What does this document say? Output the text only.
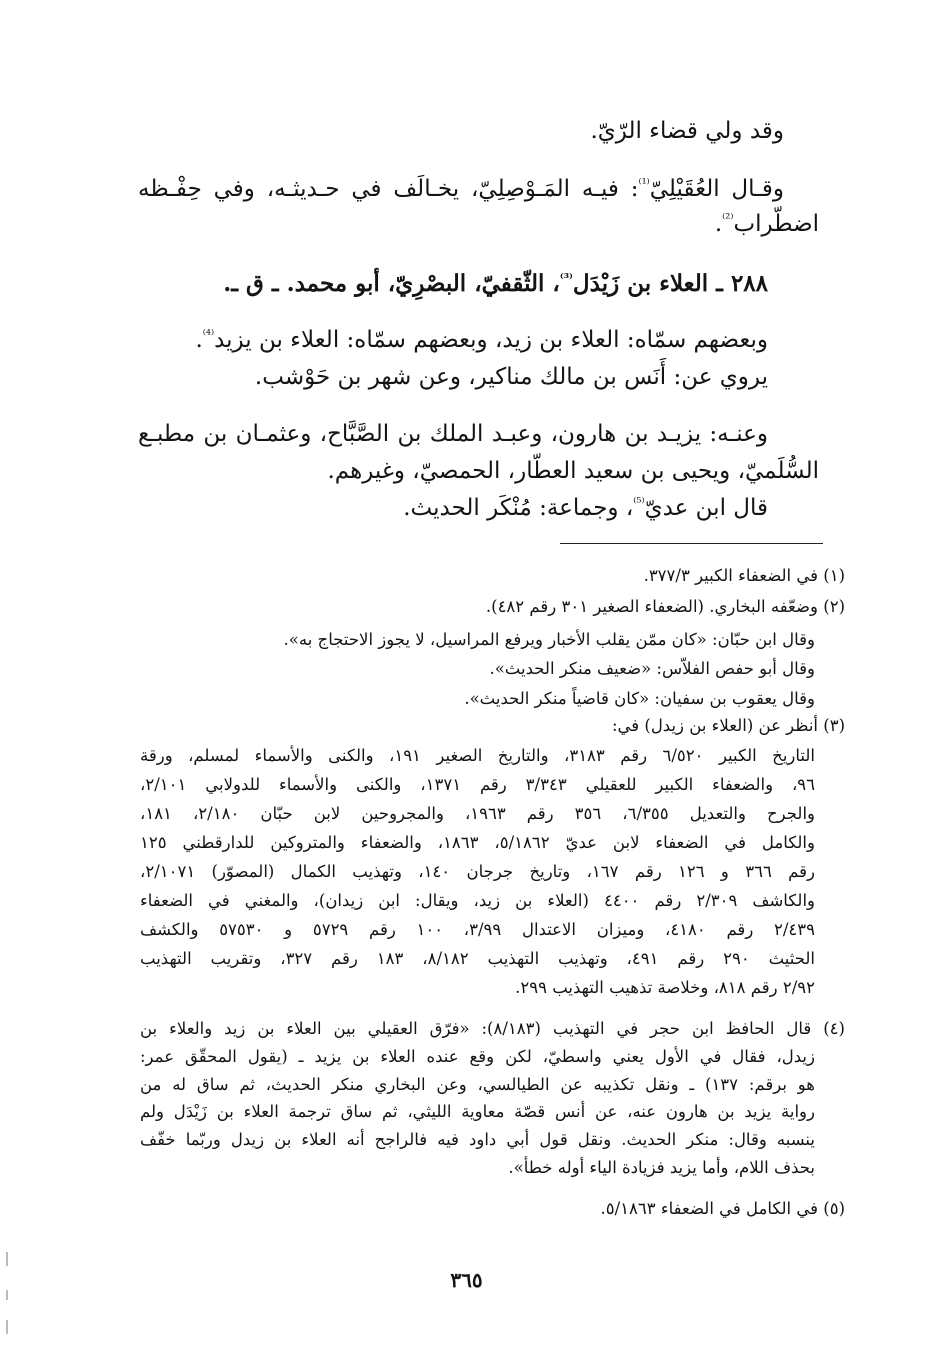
وقد ولي قضاء الرّيّ.
وقـال العُقَيْلِيّ$^{^{(1)}}$: فيـه المَـوْصِلِيّ، يخـالَف في حـديثـه، وفي حِفْـظه
اضطّراب$^{^{(2)}}$.
٢٨٨ ـ العلاء بن زَيْدَل$^{^{(3)}}$، الثّقفيّ، البصْرِيّ، أبو محمد. ـ ق ـ.
وبعضهم سمّاه: العلاء بن زيد، وبعضهم سمّاه: العلاء بن يزيد$^{^{(4)}}$.
يروي عن: أَنَس بن مالك مناكير، وعن شهر بن حَوْشب.
وعنـه: يزيـد بن هارون، وعبـد الملك بن الصَّبَّاح، وعثمـان بن مطبـع
السُّلَميّ، ويحيى بن سعيد العطّار، الحمصيّ، وغيرهم.
قال ابن عديّ$^{^{(5)}}$، وجماعة: مُنْكَر الحديث.
(١) في الضعفاء الكبير ٣٧٧/٣.
(٢) وضعّفه البخاري. (الضعفاء الصغير ٣٠١ رقم ٤٨٢).
وقال ابن حبّان: «كان ممّن يقلب الأخبار ويرفع المراسيل، لا يجوز الاحتجاج به».
وقال أبو حفص الفلاّس: «ضعيف منكر الحديث».
وقال يعقوب بن سفيان: «كان قاضياً منكر الحديث».
(٣) أنظر عن (العلاء بن زيدل) في:
التاريخ الكبير ٦/٥٢٠ رقم ٣١٨٣، والتاريخ الصغير ١٩١، والكنى والأسماء لمسلم، ورقة
٩٦، والضعفاء الكبير للعقيلي ٣/٣٤٣ رقم ١٣٧١، والكنى والأسماء للدولابي ٢/١٠١،
والجرح والتعديل ٦/٣٥٥، ٣٥٦ رقم ١٩٦٣، والمجروحين لابن حبّان ٢/١٨٠، ١٨١،
والكامل في الضعفاء لابن عديّ ٥/١٨٦٢، ١٨٦٣، والضعفاء والمتروكين للدارقطني ١٢٥
رقم ٣٦٦ و ١٢٦ رقم ١٦٧، وتاريخ جرجان ١٤٠، وتهذيب الكمال (المصوّر) ٢/١٠٧١،
والكاشف ٢/٣٠٩ رقم ٤٤٠٠ (العلاء بن زيد، ويقال: ابن زيدان)، والمغني في الضعفاء
٢/٤٣٩ رقم ٤١٨٠، وميزان الاعتدال ٣/٩٩، ١٠٠ رقم ٥٧٢٩ و ٥٧٥٣٠ والكشف
الحثيث ٢٩٠ رقم ٤٩١، وتهذيب التهذيب ٨/١٨٢، ١٨٣ رقم ٣٢٧، وتقريب التهذيب
٢/٩٢ رقم ٨١٨، وخلاصة تذهيب التهذيب ٢٩٩.
(٤) قال الحافظ ابن حجر في التهذيب (٨/١٨٣): «فرّق العقيلي بين العلاء بن زيد والعلاء بن
زيدل، فقال في الأول يعني واسطيّ، لكن وقع عنده العلاء بن يزيد ـ (يقول المحقّق عمر:
هو برقم: ١٣٧) ـ ونقل تكذيبه عن الطيالسي، وعن البخاري منكر الحديث، ثم ساق له من
رواية يزيد بن هارون عنه، عن أنس قصّة معاوية الليثي، ثم ساق ترجمة العلاء بن زَيْدَل ولم
ينسبه وقال: منكر الحديث. ونقل قول أبي داود فيه فالراجح أنه العلاء بن زيدل وربّما خفّف
بحذف اللام، وأما يزيد فزيادة الياء أوله خطأ».
(٥) في الكامل في الضعفاء ٥/١٨٦٣.
٣٦٥
